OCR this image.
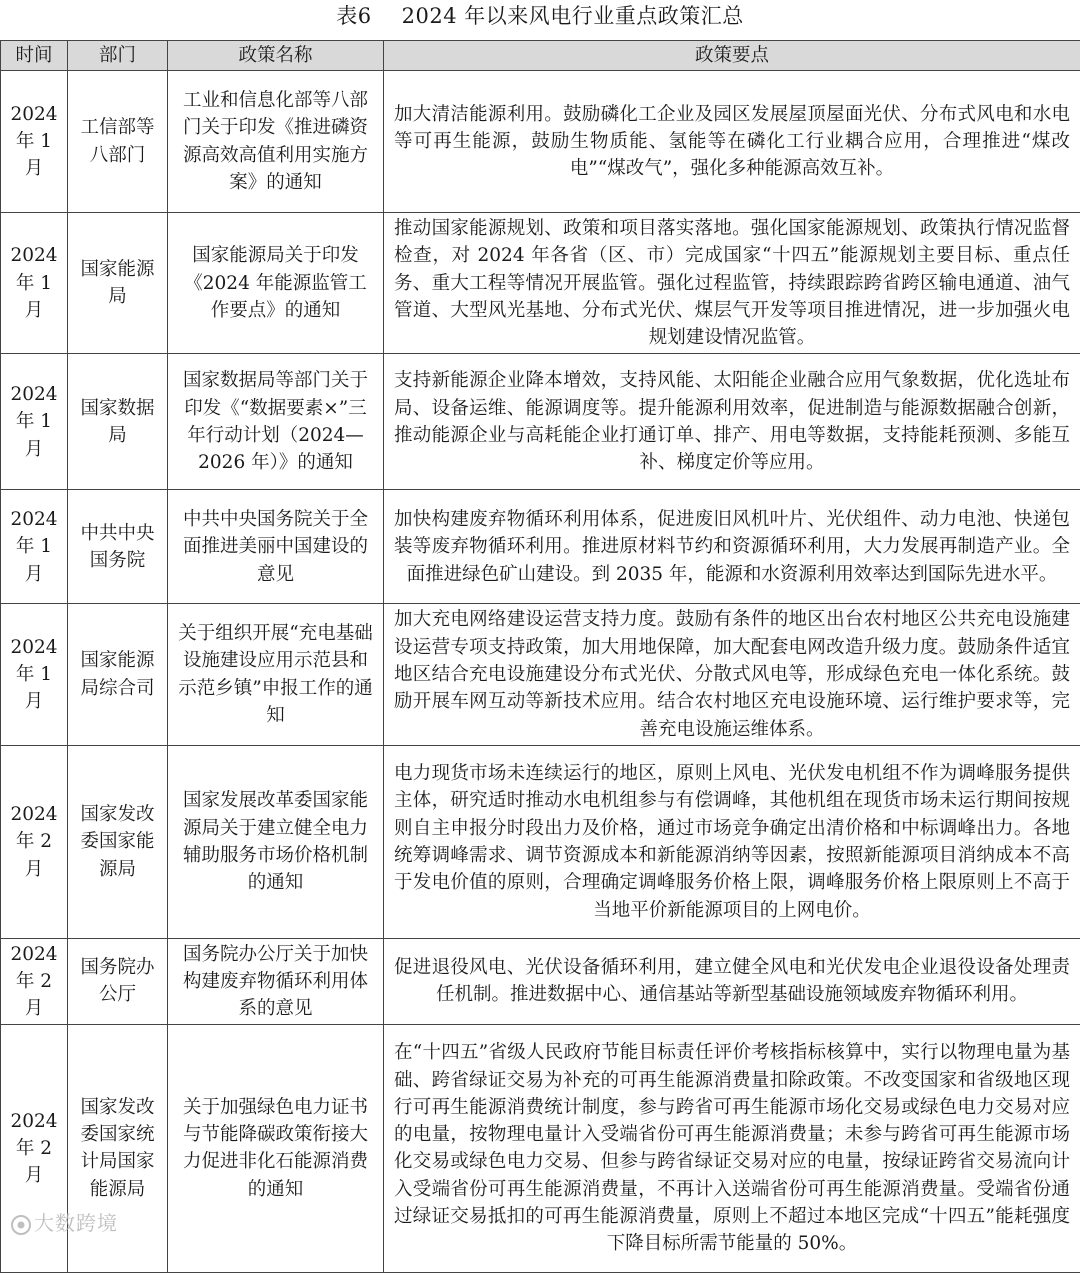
表6 2024 年以来风电行业重点政策汇总
时间	部门	政策名称	政策要点
2024 年 1 月	工信部等八部门	工业和信息化部等八部门关于印发《推进磷资源高效高值利用实施方案》的通知	加大清洁能源利用。鼓励磷化工企业及园区发展屋顶屋面光伏、分布式风电和水电等可再生能源，鼓励生物质能、氢能等在磷化工行业耦合应用，合理推进“煤改电”“煤改气”，强化多种能源高效互补。
2024 年 1 月	国家能源局	国家能源局关于印发《2024 年能源监管工作要点》的通知	推动国家能源规划、政策和项目落实落地。强化国家能源规划、政策执行情况监督检查，对 2024 年各省（区、市）完成国家“十四五”能源规划主要目标、重点任务、重大工程等情况开展监管。强化过程监管，持续跟踪跨省跨区输电通道、油气管道、大型风光基地、分布式光伏、煤层气开发等项目推进情况，进一步加强火电规划建设情况监管。
2024 年 1 月	国家数据局	国家数据局等部门关于印发《“数据要素×”三年行动计划（2024—2026 年）》的通知	支持新能源企业降本增效，支持风能、太阳能企业融合应用气象数据，优化选址布局、设备运维、能源调度等。提升能源利用效率，促进制造与能源数据融合创新，推动能源企业与高耗能企业打通订单、排产、用电等数据，支持能耗预测、多能互补、梯度定价等应用。
2024 年 1 月	中共中央国务院	中共中央国务院关于全面推进美丽中国建设的意见	加快构建废弃物循环利用体系，促进废旧风机叶片、光伏组件、动力电池、快递包装等废弃物循环利用。推进原材料节约和资源循环利用，大力发展再制造产业。全面推进绿色矿山建设。到 2035 年，能源和水资源利用效率达到国际先进水平。
2024 年 1 月	国家能源局综合司	关于组织开展“充电基础设施建设应用示范县和示范乡镇”申报工作的通知	加大充电网络建设运营支持力度。鼓励有条件的地区出台农村地区公共充电设施建设运营专项支持政策，加大用地保障，加大配套电网改造升级力度。鼓励条件适宜地区结合充电设施建设分布式光伏、分散式风电等，形成绿色充电一体化系统。鼓励开展车网互动等新技术应用。结合农村地区充电设施环境、运行维护要求等，完善充电设施运维体系。
2024 年 2 月	国家发改委国家能源局	国家发展改革委国家能源局关于建立健全电力辅助服务市场价格机制的通知	电力现货市场未连续运行的地区，原则上风电、光伏发电机组不作为调峰服务提供主体，研究适时推动水电机组参与有偿调峰，其他机组在现货市场未运行期间按规则自主申报分时段出力及价格，通过市场竞争确定出清价格和中标调峰出力。各地统筹调峰需求、调节资源成本和新能源消纳等因素，按照新能源项目消纳成本不高于发电价值的原则，合理确定调峰服务价格上限，调峰服务价格上限原则上不高于当地平价新能源项目的上网电价。
2024 年 2 月	国务院办公厅	国务院办公厅关于加快构建废弃物循环利用体系的意见	促进退役风电、光伏设备循环利用，建立健全风电和光伏发电企业退役设备处理责任机制。推进数据中心、通信基站等新型基础设施领域废弃物循环利用。
2024 年 2 月	国家发改委国家统计局国家能源局	关于加强绿色电力证书与节能降碳政策衔接大力促进非化石能源消费的通知	在“十四五”省级人民政府节能目标责任评价考核指标核算中，实行以物理电量为基础、跨省绿证交易为补充的可再生能源消费量扣除政策。不改变国家和省级地区现行可再生能源消费统计制度，参与跨省可再生能源市场化交易或绿色电力交易对应的电量，按物理电量计入受端省份可再生能源消费量；未参与跨省可再生能源市场化交易或绿色电力交易、但参与跨省绿证交易对应的电量，按绿证跨省交易流向计入受端省份可再生能源消费量，不再计入送端省份可再生能源消费量。受端省份通过绿证交易抵扣的可再生能源消费量，原则上不超过本地区完成“十四五”能耗强度下降目标所需节能量的 50%。
大数跨境
